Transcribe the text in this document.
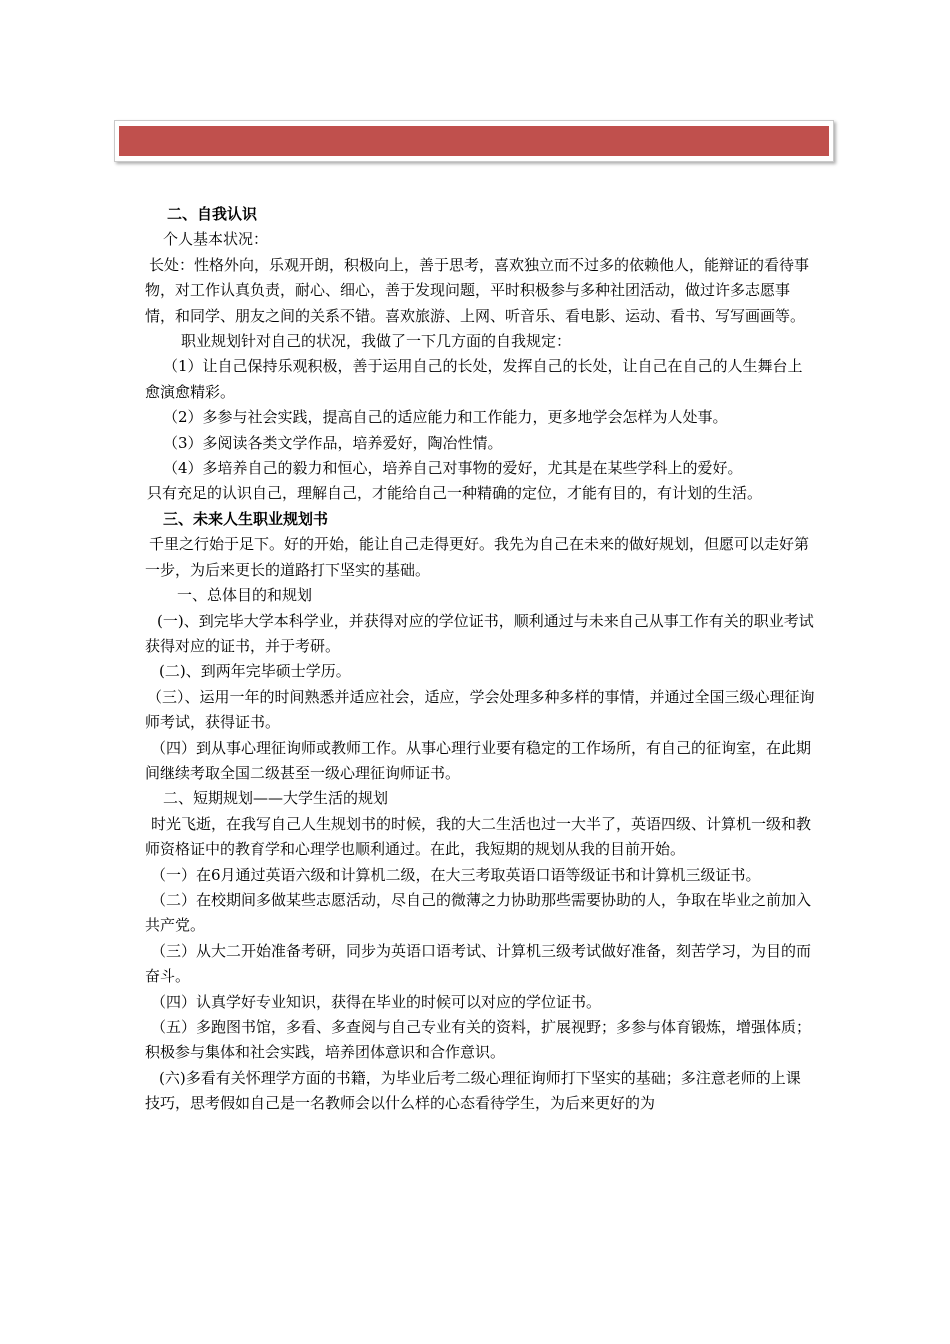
二、自我认识

个人基本状况：

长处：性格外向，乐观开朗，积极向上，善于思考，喜欢独立而不过多的依赖他人，能辩证的看待事物，对工作认真负责，耐心、细心，善于发现问题，平时积极参与多种社团活动，做过许多志愿事情，和同学、朋友之间的关系不错。喜欢旅游、上网、听音乐、看电影、运动、看书、写写画画等。

职业规划针对自己的状况，我做了一下几方面的自我规定：

（1）让自己保持乐观积极，善于运用自己的长处，发挥自己的长处，让自己在自己的人生舞台上愈演愈精彩。

（2）多参与社会实践，提高自己的适应能力和工作能力，更多地学会怎样为人处事。

（3）多阅读各类文学作品，培养爱好，陶冶性情。

（4）多培养自己的毅力和恒心，培养自己对事物的爱好，尤其是在某些学科上的爱好。

只有充足的认识自己，理解自己，才能给自己一种精确的定位，才能有目的，有计划的生活。

三、未来人生职业规划书

千里之行始于足下。好的开始，能让自己走得更好。我先为自己在未来的做好规划，但愿可以走好第一步，为后来更长的道路打下坚实的基础。

一、总体目的和规划

(一)、到完毕大学本科学业，并获得对应的学位证书，顺利通过与未来自己从事工作有关的职业考试获得对应的证书，并于考研。

(二)、到两年完毕硕士学历。

（三）、运用一年的时间熟悉并适应社会，适应，学会处理多种多样的事情，并通过全国三级心理征询师考试，获得证书。

（四）到从事心理征询师或教师工作。从事心理行业要有稳定的工作场所，有自己的征询室，在此期间继续考取全国二级甚至一级心理征询师证书。

二、短期规划——大学生活的规划

时光飞逝，在我写自己人生规划书的时候，我的大二生活也过一大半了，英语四级、计算机一级和教师资格证中的教育学和心理学也顺利通过。在此，我短期的规划从我的目前开始。

（一）在6月通过英语六级和计算机二级，在大三考取英语口语等级证书和计算机三级证书。

（二）在校期间多做某些志愿活动，尽自己的微薄之力协助那些需要协助的人，争取在毕业之前加入共产党。

（三）从大二开始准备考研，同步为英语口语考试、计算机三级考试做好准备，刻苦学习，为目的而奋斗。

（四）认真学好专业知识，获得在毕业的时候可以对应的学位证书。

（五）多跑图书馆，多看、多查阅与自己专业有关的资料，扩展视野；多参与体育锻炼，增强体质；积极参与集体和社会实践，培养团体意识和合作意识。

(六)多看有关怀理学方面的书籍，为毕业后考二级心理征询师打下坚实的基础；多注意老师的上课技巧，思考假如自己是一名教师会以什么样的心态看待学生，为后来更好的为
